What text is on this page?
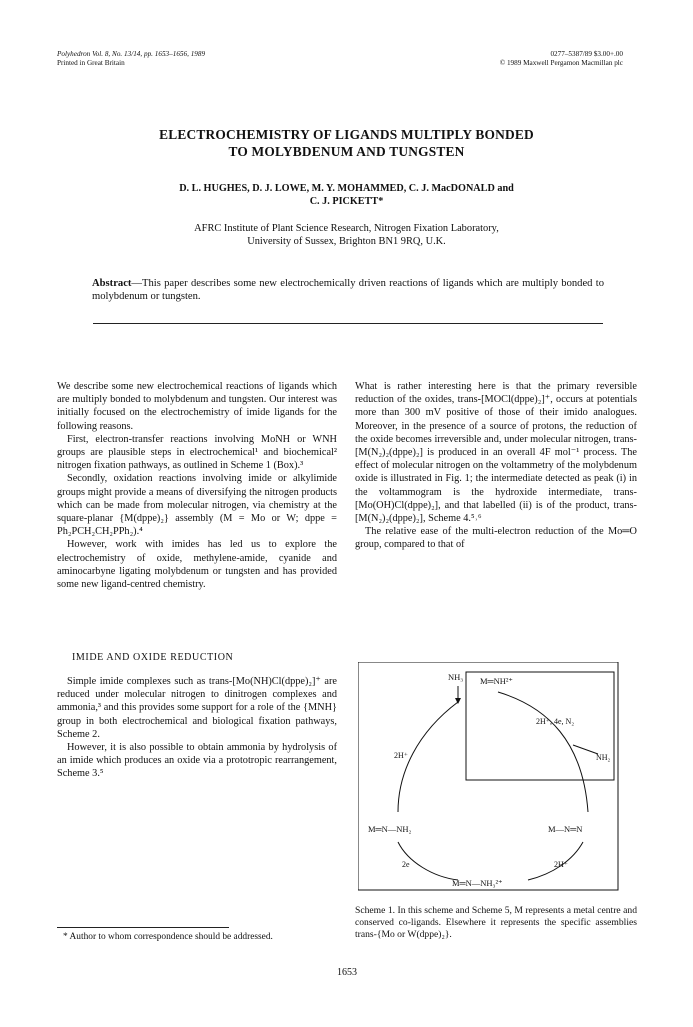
Polyhedron Vol. 8, No. 13/14, pp. 1653–1656, 1989
Printed in Great Britain
0277–5387/89 $3.00+.00
© 1989 Maxwell Pergamon Macmillan plc
ELECTROCHEMISTRY OF LIGANDS MULTIPLY BONDED
TO MOLYBDENUM AND TUNGSTEN
D. L. HUGHES, D. J. LOWE, M. Y. MOHAMMED, C. J. MacDONALD and
C. J. PICKETT*
AFRC Institute of Plant Science Research, Nitrogen Fixation Laboratory,
University of Sussex, Brighton BN1 9RQ, U.K.
Abstract—This paper describes some new electrochemically driven reactions of ligands which are multiply bonded to molybdenum or tungsten.

We describe some new electrochemical reactions of ligands which are multiply bonded to molybdenum and tungsten. Our interest was initially focused on the electrochemistry of imide ligands for the following reasons.

First, electron-transfer reactions involving MoNH or WNH groups are plausible steps in electrochemical¹ and biochemical² nitrogen fixation pathways, as outlined in Scheme 1 (Box).³

Secondly, oxidation reactions involving imide or alkylimide groups might provide a means of diversifying the nitrogen products which can be made from molecular nitrogen, via chemistry at the square-planar {M(dppe)₂} assembly (M = Mo or W; dppe = Ph₂PCH₂CH₂PPh₂).⁴

However, work with imides has led us to explore the electrochemistry of oxide, methylene-amide, cyanide and aminocarbyne ligating molybdenum or tungsten and has provided some new ligand-centred chemistry.

IMIDE AND OXIDE REDUCTION

Simple imide complexes such as trans-[Mo(NH)Cl(dppe)₂]⁺ are reduced under molecular nitrogen to dinitrogen complexes and ammonia,³ and this provides some support for a role of the {MNH} group in both electrochemical and biological fixation pathways, Scheme 2.

However, it is also possible to obtain ammonia by hydrolysis of an imide which produces an oxide via a prototropic rearrangement, Scheme 3.⁵

* Author to whom correspondence should be addressed.

What is rather interesting here is that the primary reversible reduction of the oxides, trans-[MOCl(dppe)₂]⁺, occurs at potentials more than 300 mV positive of those of their imido analogues. Moreover, in the presence of a source of protons, the reduction of the oxide becomes irreversible and, under molecular nitrogen, trans-[M(N₂)₂(dppe)₂] is produced in an overall 4F mol⁻¹ process. The effect of molecular nitrogen on the voltammetry of the molybdenum oxide is illustrated in Fig. 1; the intermediate detected as peak (i) in the voltammogram is the hydroxide intermediate, trans-[Mo(OH)Cl(dppe)₂], and that labelled (ii) is of the product, trans-[M(N₂)₂(dppe)₂], Scheme 4.⁵˒⁶

The relative ease of the multi-electron reduction of the Mo═O group, compared to that of

NH₃ M═NH²⁺
2H⁺, 4e, N₂
NH₂
2H⁺
M═N—NH₂	M—N═N
2e	2H⁺
M═N—NH₃²⁺
Scheme 1. In this scheme and Scheme 5, M represents a metal centre and conserved co-ligands. Elsewhere it represents the specific assemblies trans-{Mo or W(dppe)₂}.
1653
